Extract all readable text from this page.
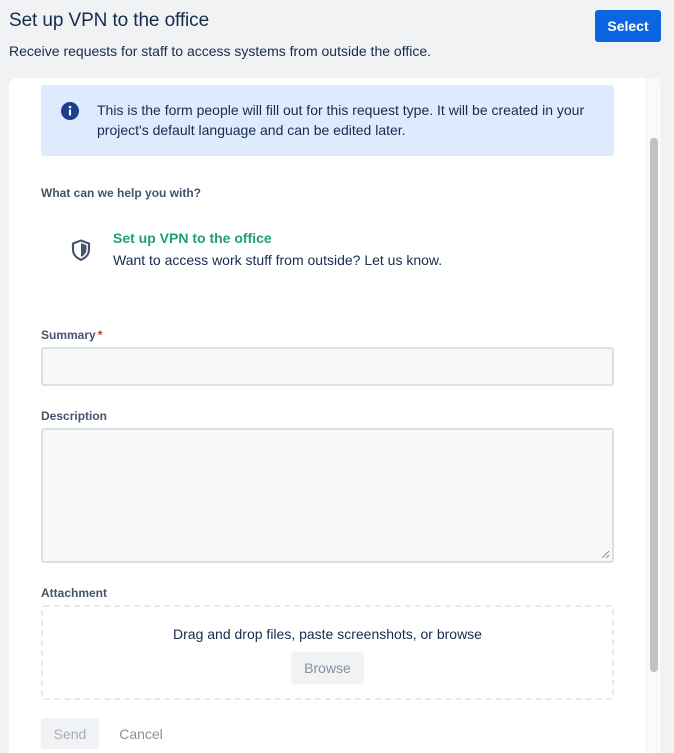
Set up VPN to the office
Receive requests for staff to access systems from outside the office.
Select
This is the form people will fill out for this request type. It will be created in your project's default language and can be edited later.
What can we help you with?
Set up VPN to the office
Want to access work stuff from outside? Let us know.
Summary *
Description
Attachment
Drag and drop files, paste screenshots, or browse
Browse
Send	Cancel
